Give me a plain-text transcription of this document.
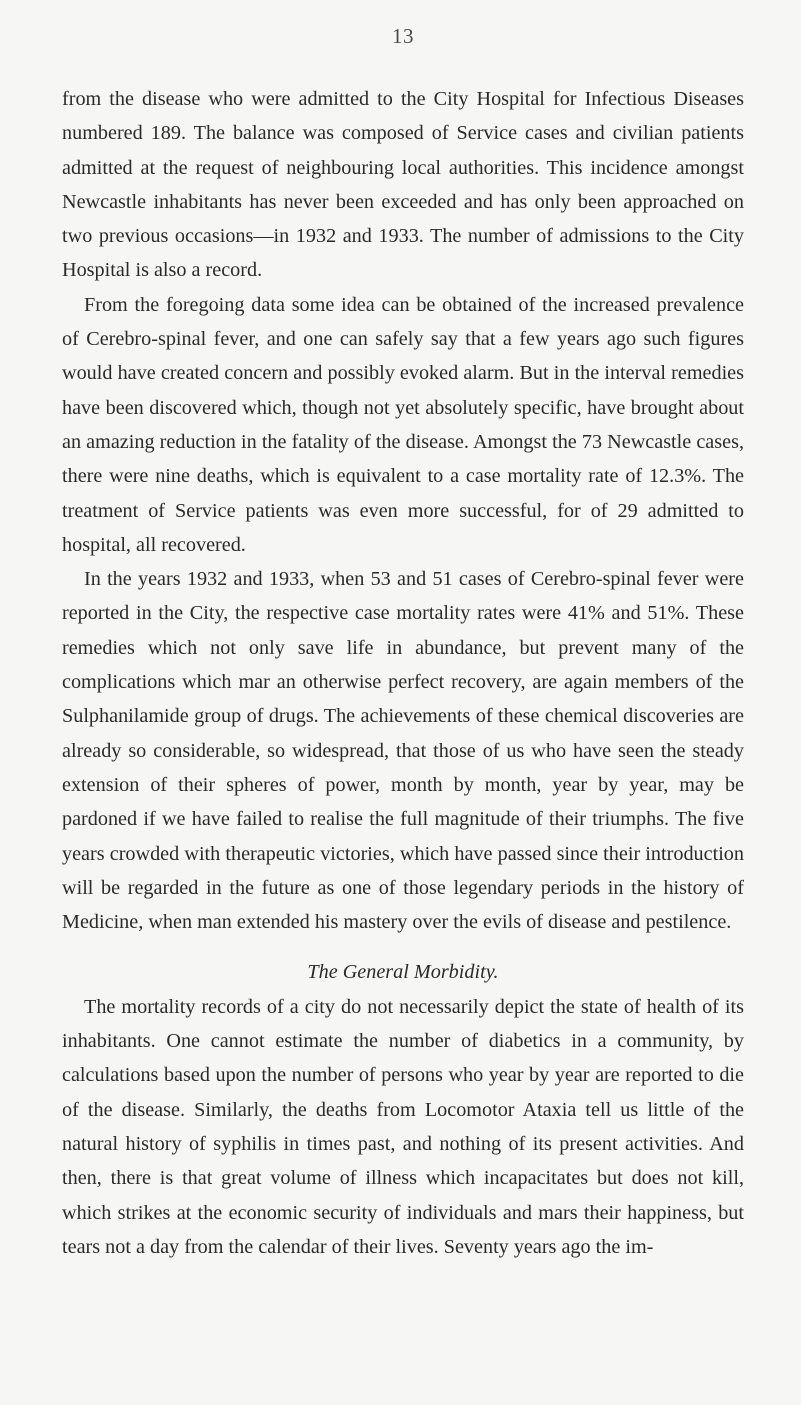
13

from the disease who were admitted to the City Hospital for Infectious Diseases numbered 189. The balance was composed of Service cases and civilian patients admitted at the request of neighbouring local authorities. This incidence amongst Newcastle inhabitants has never been exceeded and has only been approached on two previous occasions—in 1932 and 1933. The number of admissions to the City Hospital is also a record.

From the foregoing data some idea can be obtained of the increased prevalence of Cerebro-spinal fever, and one can safely say that a few years ago such figures would have created concern and possibly evoked alarm. But in the interval remedies have been discovered which, though not yet absolutely specific, have brought about an amazing reduction in the fatality of the disease. Amongst the 73 Newcastle cases, there were nine deaths, which is equivalent to a case mortality rate of 12.3%. The treatment of Service patients was even more successful, for of 29 admitted to hospital, all recovered.

In the years 1932 and 1933, when 53 and 51 cases of Cerebro-spinal fever were reported in the City, the respective case mortality rates were 41% and 51%. These remedies which not only save life in abundance, but prevent many of the complications which mar an otherwise perfect recovery, are again members of the Sulphanilamide group of drugs. The achievements of these chemical discoveries are already so considerable, so widespread, that those of us who have seen the steady extension of their spheres of power, month by month, year by year, may be pardoned if we have failed to realise the full magnitude of their triumphs. The five years crowded with therapeutic victories, which have passed since their introduction will be regarded in the future as one of those legendary periods in the history of Medicine, when man extended his mastery over the evils of disease and pestilence.

The General Morbidity.

The mortality records of a city do not necessarily depict the state of health of its inhabitants. One cannot estimate the number of diabetics in a community, by calculations based upon the number of persons who year by year are reported to die of the disease. Similarly, the deaths from Locomotor Ataxia tell us little of the natural history of syphilis in times past, and nothing of its present activities. And then, there is that great volume of illness which incapacitates but does not kill, which strikes at the economic security of individuals and mars their happiness, but tears not a day from the calendar of their lives. Seventy years ago the im-
